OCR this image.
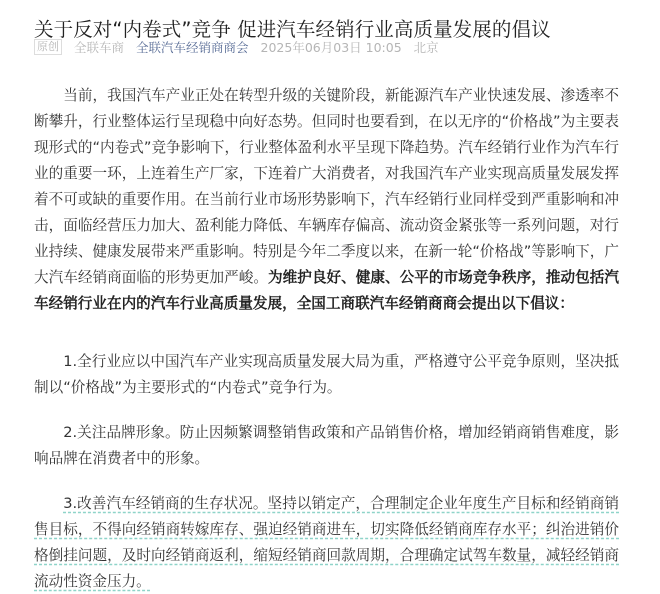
关于反对“内卷式”竞争 促进汽车经销行业高质量发展的倡议
原创 全联车商 全联汽车经销商商会 2025年06月03日 10:05 北京

当前，我国汽车产业正处在转型升级的关键阶段，新能源汽车产业快速发展、渗透率不断攀升，行业整体运行呈现稳中向好态势。但同时也要看到，在以无序的“价格战”为主要表现形式的“内卷式”竞争影响下，行业整体盈利水平呈现下降趋势。汽车经销行业作为汽车行业的重要一环，上连着生产厂家，下连着广大消费者，对我国汽车产业实现高质量发展发挥着不可或缺的重要作用。在当前行业市场形势影响下，汽车经销行业同样受到严重影响和冲击，面临经营压力加大、盈利能力降低、车辆库存偏高、流动资金紧张等一系列问题，对行业持续、健康发展带来严重影响。特别是今年二季度以来，在新一轮“价格战”等影响下，广大汽车经销商面临的形势更加严峻。为维护良好、健康、公平的市场竞争秩序，推动包括汽车经销行业在内的汽车行业高质量发展，全国工商联汽车经销商商会提出以下倡议：

1.全行业应以中国汽车产业实现高质量发展大局为重，严格遵守公平竞争原则，坚决抵制以“价格战”为主要形式的“内卷式”竞争行为。

2.关注品牌形象。防止因频繁调整销售政策和产品销售价格，增加经销商销售难度，影响品牌在消费者中的形象。

3.改善汽车经销商的生存状况。坚持以销定产，合理制定企业年度生产目标和经销商销售目标，不得向经销商转嫁库存、强迫经销商进车，切实降低经销商库存水平；纠治进销价格倒挂问题，及时向经销商返利，缩短经销商回款周期，合理确定试驾车数量，减轻经销商流动性资金压力。
